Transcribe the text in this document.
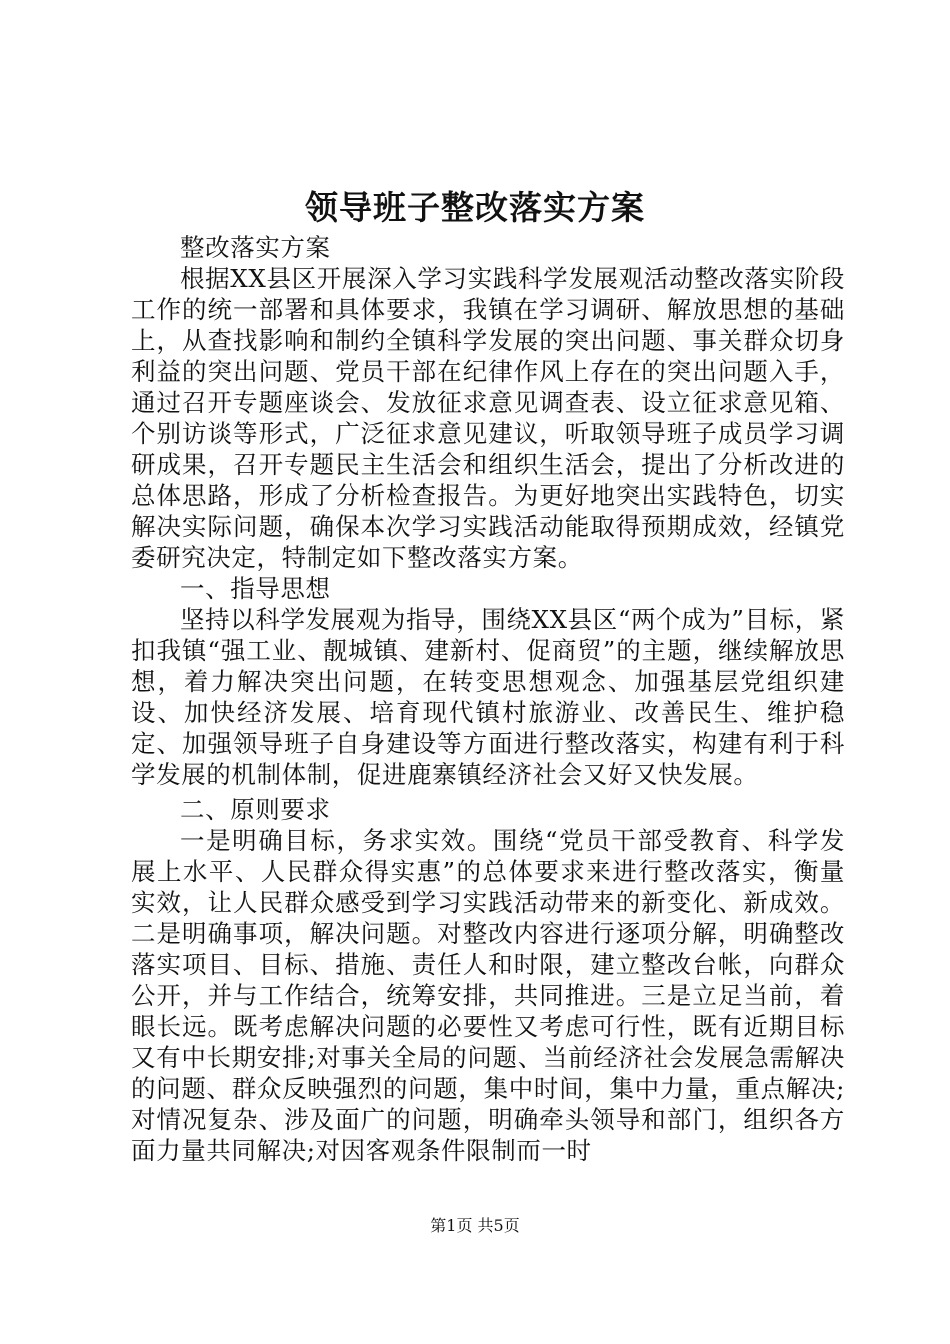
领导班子整改落实方案

整改落实方案

根据XX县区开展深入学习实践科学发展观活动整改落实阶段工作的统一部署和具体要求，我镇在学习调研、解放思想的基础上，从查找影响和制约全镇科学发展的突出问题、事关群众切身利益的突出问题、党员干部在纪律作风上存在的突出问题入手，通过召开专题座谈会、发放征求意见调查表、设立征求意见箱、个别访谈等形式，广泛征求意见建议，听取领导班子成员学习调研成果，召开专题民主生活会和组织生活会，提出了分析改进的总体思路，形成了分析检查报告。为更好地突出实践特色，切实解决实际问题，确保本次学习实践活动能取得预期成效，经镇党委研究决定，特制定如下整改落实方案。

一、指导思想

坚持以科学发展观为指导，围绕XX县区“两个成为”目标，紧扣我镇“强工业、靓城镇、建新村、促商贸”的主题，继续解放思想，着力解决突出问题，在转变思想观念、加强基层党组织建设、加快经济发展、培育现代镇村旅游业、改善民生、维护稳定、加强领导班子自身建设等方面进行整改落实，构建有利于科学发展的机制体制，促进鹿寨镇经济社会又好又快发展。

二、原则要求

一是明确目标，务求实效。围绕“党员干部受教育、科学发展上水平、人民群众得实惠”的总体要求来进行整改落实，衡量实效，让人民群众感受到学习实践活动带来的新变化、新成效。二是明确事项，解决问题。对整改内容进行逐项分解，明确整改落实项目、目标、措施、责任人和时限，建立整改台帐，向群众公开，并与工作结合，统筹安排，共同推进。三是立足当前，着眼长远。既考虑解决问题的必要性又考虑可行性，既有近期目标又有中长期安排;对事关全局的问题、当前经济社会发展急需解决的问题、群众反映强烈的问题，集中时间，集中力量，重点解决;对情况复杂、涉及面广的问题，明确牵头领导和部门，组织各方面力量共同解决;对因客观条件限制而一时

第1页 共5页
